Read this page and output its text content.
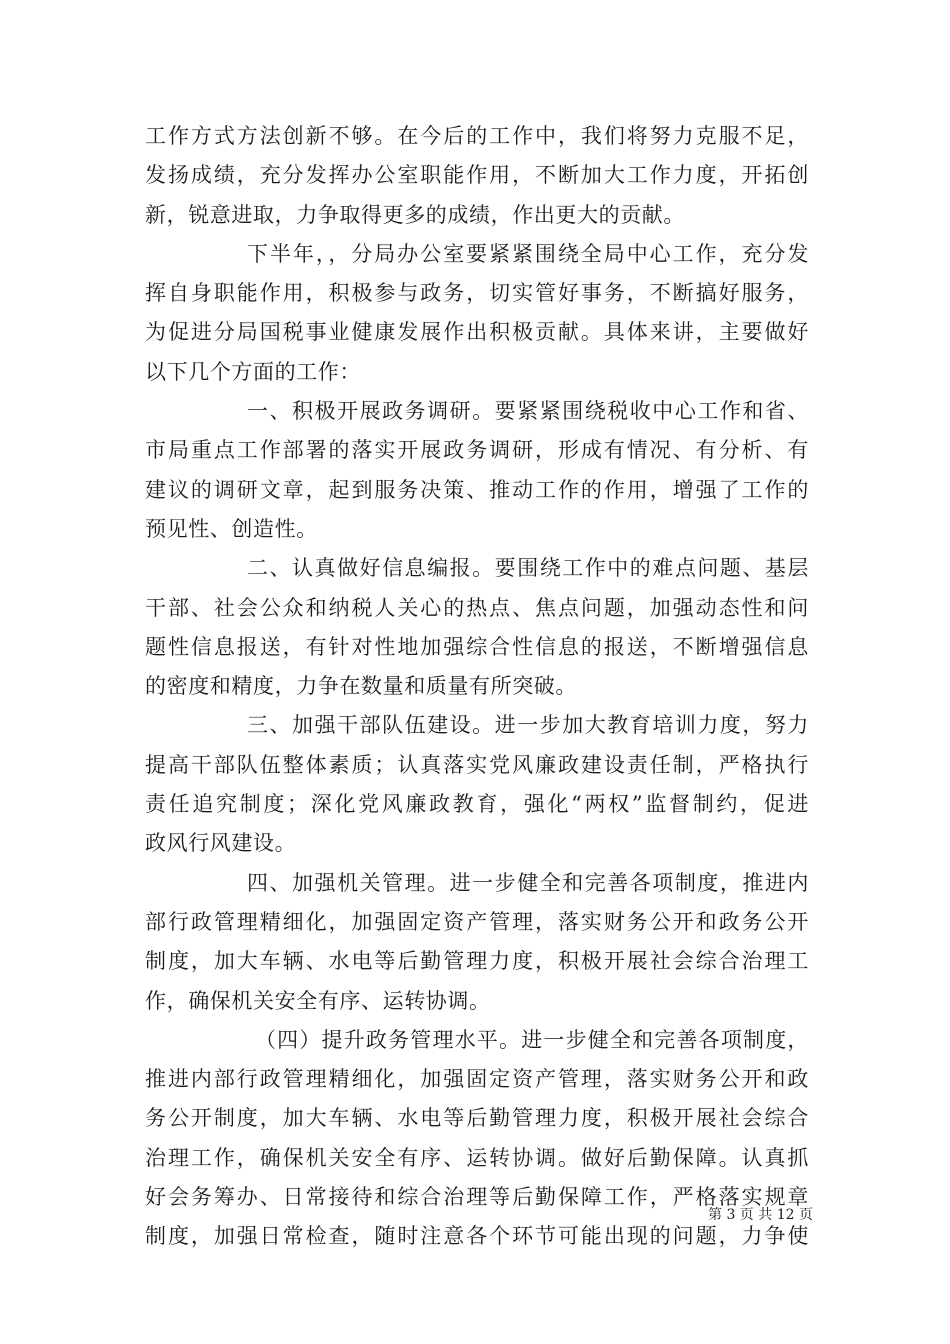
工作方式方法创新不够。在今后的工作中，我们将努力克服不足，
发扬成绩，充分发挥办公室职能作用，不断加大工作力度，开拓创
新，锐意进取，力争取得更多的成绩，作出更大的贡献。
下半年，，分局办公室要紧紧围绕全局中心工作，充分发
挥自身职能作用，积极参与政务，切实管好事务，不断搞好服务，
为促进分局国税事业健康发展作出积极贡献。具体来讲，主要做好
以下几个方面的工作：
一、积极开展政务调研。要紧紧围绕税收中心工作和省、
市局重点工作部署的落实开展政务调研，形成有情况、有分析、有
建议的调研文章，起到服务决策、推动工作的作用，增强了工作的
预见性、创造性。
二、认真做好信息编报。要围绕工作中的难点问题、基层
干部、社会公众和纳税人关心的热点、焦点问题，加强动态性和问
题性信息报送，有针对性地加强综合性信息的报送，不断增强信息
的密度和精度，力争在数量和质量有所突破。
三、加强干部队伍建设。进一步加大教育培训力度，努力
提高干部队伍整体素质；认真落实党风廉政建设责任制，严格执行
责任追究制度；深化党风廉政教育，强化“两权”监督制约，促进
政风行风建设。
四、加强机关管理。进一步健全和完善各项制度，推进内
部行政管理精细化，加强固定资产管理，落实财务公开和政务公开
制度，加大车辆、水电等后勤管理力度，积极开展社会综合治理工
作，确保机关安全有序、运转协调。
（四）提升政务管理水平。进一步健全和完善各项制度，
推进内部行政管理精细化，加强固定资产管理，落实财务公开和政
务公开制度，加大车辆、水电等后勤管理力度，积极开展社会综合
治理工作，确保机关安全有序、运转协调。做好后勤保障。认真抓
好会务筹办、日常接待和综合治理等后勤保障工作，严格落实规章
制度，加强日常检查，随时注意各个环节可能出现的问题，力争使
第 3 页 共 12 页
